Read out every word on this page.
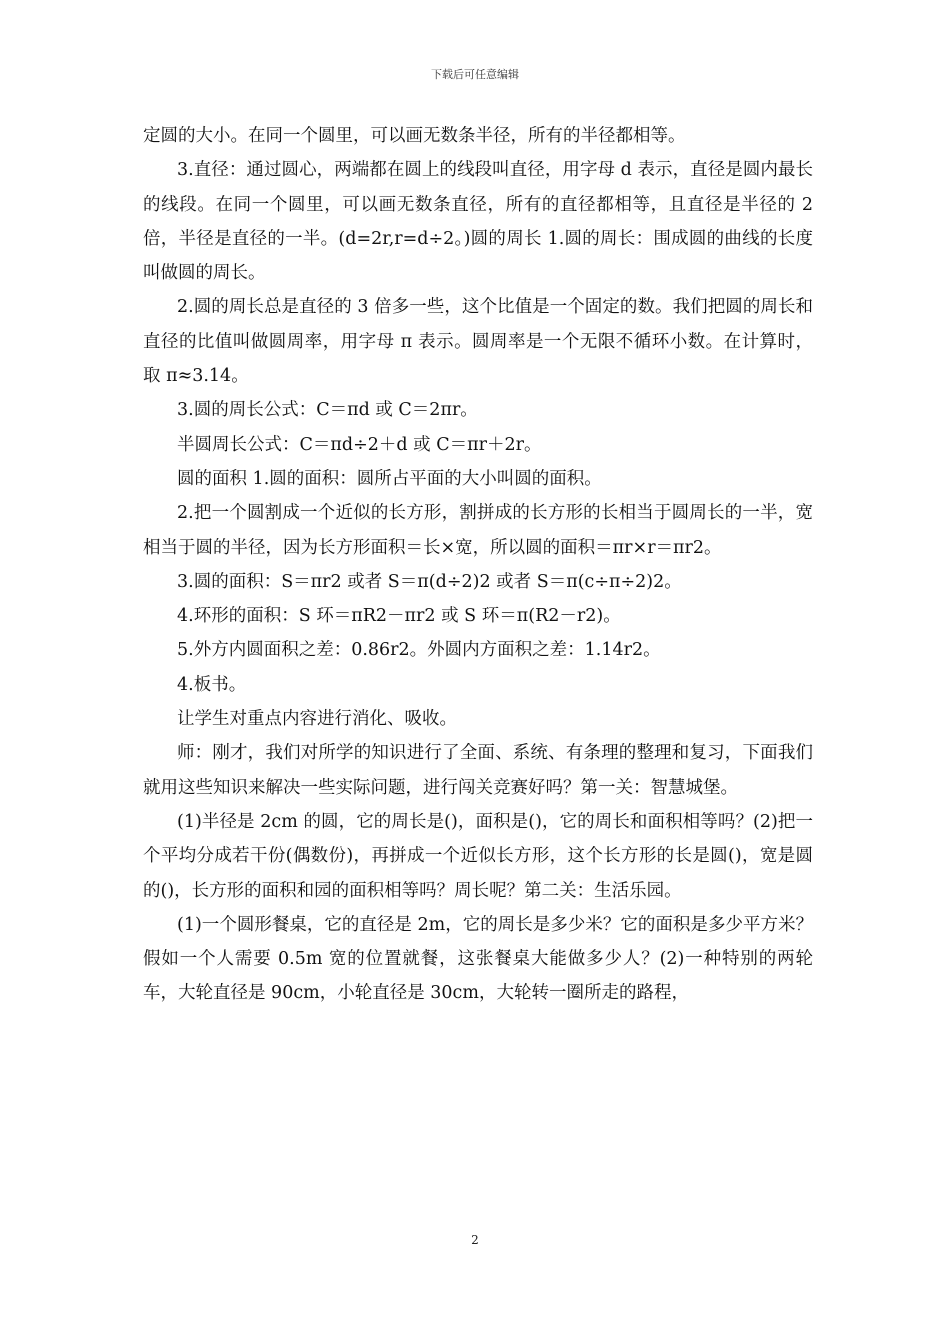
下载后可任意编辑

定圆的大小。在同一个圆里，可以画无数条半径，所有的半径都相等。

3.直径：通过圆心，两端都在圆上的线段叫直径，用字母 d 表示，直径是圆内最长的线段。在同一个圆里，可以画无数条直径，所有的直径都相等，且直径是半径的 2 倍，半径是直径的一半。(d=2r,r=d÷2。)圆的周长 1.圆的周长：围成圆的曲线的长度叫做圆的周长。

2.圆的周长总是直径的 3 倍多一些，这个比值是一个固定的数。我们把圆的周长和直径的比值叫做圆周率，用字母 π 表示。圆周率是一个无限不循环小数。在计算时，取 π≈3.14。

3.圆的周长公式：C＝πd 或 C＝2πr。

半圆周长公式：C＝πd÷2＋d 或 C＝πr＋2r。

圆的面积 1.圆的面积：圆所占平面的大小叫圆的面积。

2.把一个圆割成一个近似的长方形，割拼成的长方形的长相当于圆周长的一半，宽相当于圆的半径，因为长方形面积＝长×宽，所以圆的面积＝πr×r＝πr2。

3.圆的面积：S＝πr2 或者 S＝π(d÷2)2 或者 S＝π(c÷π÷2)2。

4.环形的面积：S 环＝πR2－πr2 或 S 环＝π(R2－r2)。

5.外方内圆面积之差：0.86r2。外圆内方面积之差：1.14r2。

4.板书。

让学生对重点内容进行消化、吸收。

师：刚才，我们对所学的知识进行了全面、系统、有条理的整理和复习，下面我们就用这些知识来解决一些实际问题，进行闯关竞赛好吗？第一关：智慧城堡。

(1)半径是 2cm 的圆，它的周长是()，面积是()，它的周长和面积相等吗？(2)把一个平均分成若干份(偶数份)，再拼成一个近似长方形，这个长方形的长是圆()，宽是圆的()，长方形的面积和园的面积相等吗？周长呢？第二关：生活乐园。

(1)一个圆形餐桌，它的直径是 2m，它的周长是多少米？它的面积是多少平方米？假如一个人需要 0.5m 宽的位置就餐，这张餐桌大能做多少人？(2)一种特别的两轮车，大轮直径是 90cm，小轮直径是 30cm，大轮转一圈所走的路程，

2
